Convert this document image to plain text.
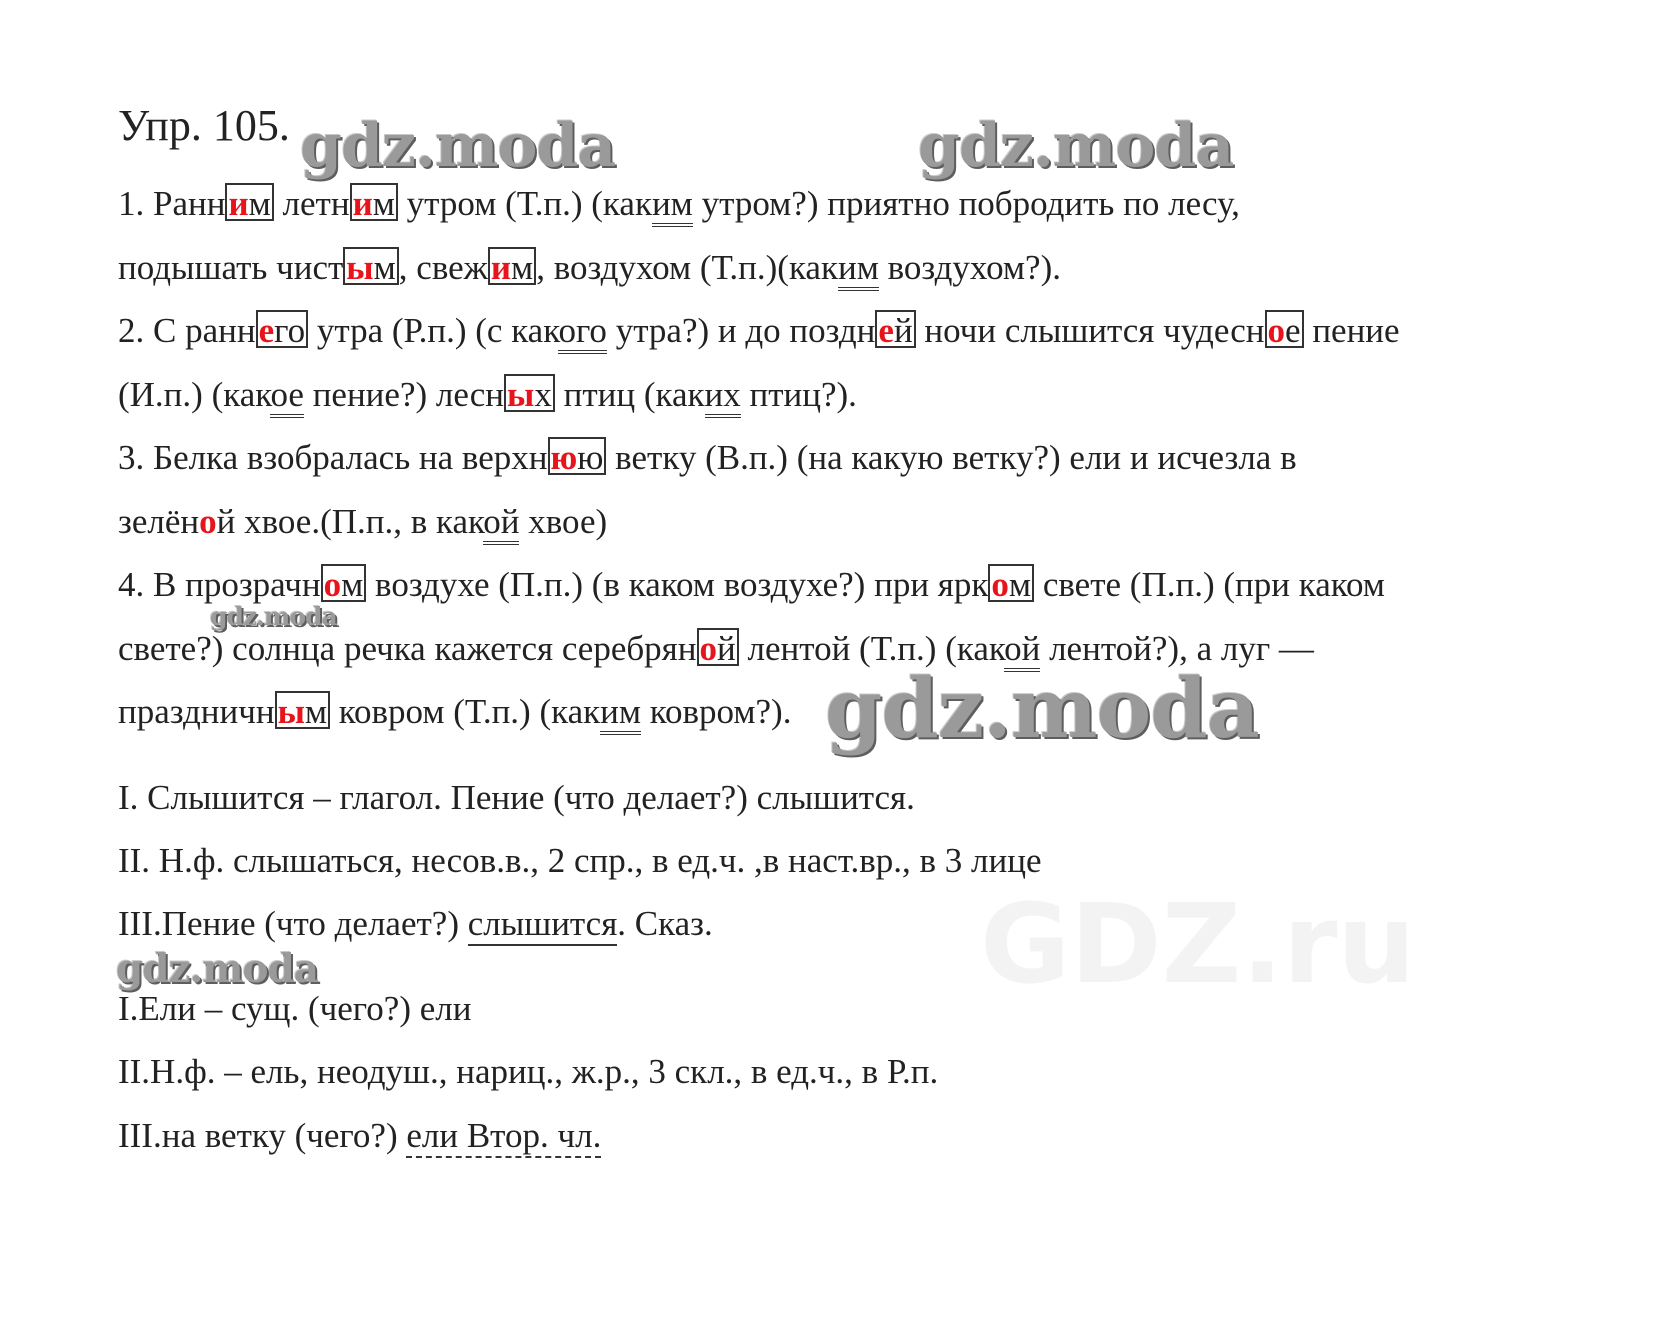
GDZ.ru
Упр. 105.
1. Ранним летним утром (Т.п.) (каким утром?) приятно побродить по лесу,
подышать чистым, свежим, воздухом (Т.п.)(каким воздухом?).
2. С раннего утра (Р.п.) (с какого утра?) и до поздней ночи слышится чудесное пение
(И.п.) (какое пение?) лесных птиц (каких птиц?).
3. Белка взобралась на верхнюю ветку (В.п.) (на какую ветку?) ели и исчезла в
зелёной хвое.(П.п., в какой хвое)
4. В прозрачном воздухе (П.п.) (в каком воздухе?) при ярком свете (П.п.) (при каком
свете?) солнца речка кажется серебряной лентой (Т.п.) (какой лентой?), а луг —
праздничным ковром (Т.п.) (каким ковром?).
I. Слышится – глагол. Пение (что делает?) слышится.
II. Н.ф. слышаться, несов.в., 2 спр., в ед.ч. ,в наст.вр., в 3 лице
III.Пение (что делает?) слышится. Сказ.
I.Ели – сущ. (чего?) ели
II.Н.ф. – ель, неодуш., нариц., ж.р., 3 скл., в ед.ч., в Р.п.
III.на ветку (чего?) ели Втор. чл.
gdz.moda	gdz.moda
gdz.moda
gdz.moda
gdz.moda
